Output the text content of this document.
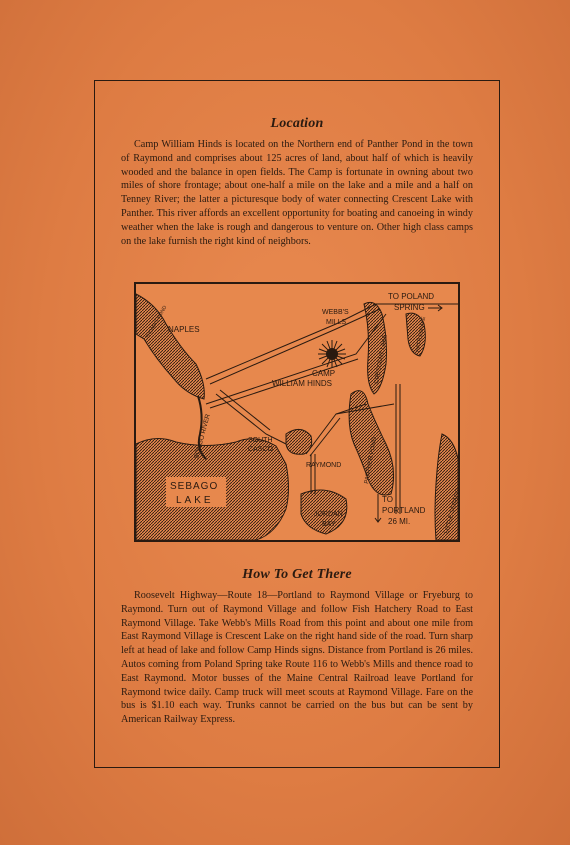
Location

Camp William Hinds is located on the Northern end of Panther Pond in the town of Raymond and comprises about 125 acres of land, about half of which is heavily wooded and the balance in open fields. The Camp is fortunate in owning about two miles of shore frontage; about one-half a mile on the lake and a mile and a half on Tenney River; the latter a picturesque body of water connecting Crescent Lake with Panther. This river affords an excellent opportunity for boating and canoeing in windy weather when the lake is rough and dangerous to venture on. Other high class camps on the lake furnish the right kind of neighbors.

TO POLAND
SPRING
NAPLES
WEBB'S
MILLS
CAMP
WILLIAM HINDS
SOUTH
CASCO
RAYMOND
SONGO RIVER
SEBAGO
LAKE
JORDAN
BAY
TO
PORTLAND
26 MI.	LITTLE SEBAGO
PANTHER POND
CRESCENT LAKE
THOMAS POND	RATTLESNAKE
How To Get There

Roosevelt Highway—Route 18—Portland to Raymond Village or Fryeburg to Raymond. Turn out of Raymond Village and follow Fish Hatchery Road to East Raymond Village. Take Webb's Mills Road from this point and about one mile from East Raymond Village is Crescent Lake on the right hand side of the road. Turn sharp left at head of lake and follow Camp Hinds signs. Distance from Portland is 26 miles. Autos coming from Poland Spring take Route 116 to Webb's Mills and thence road to East Raymond. Motor busses of the Maine Central Railroad leave Portland for Raymond twice daily. Camp truck will meet scouts at Raymond Village. Fare on the bus is $1.10 each way. Trunks cannot be carried on the bus but can be sent by American Railway Express.
